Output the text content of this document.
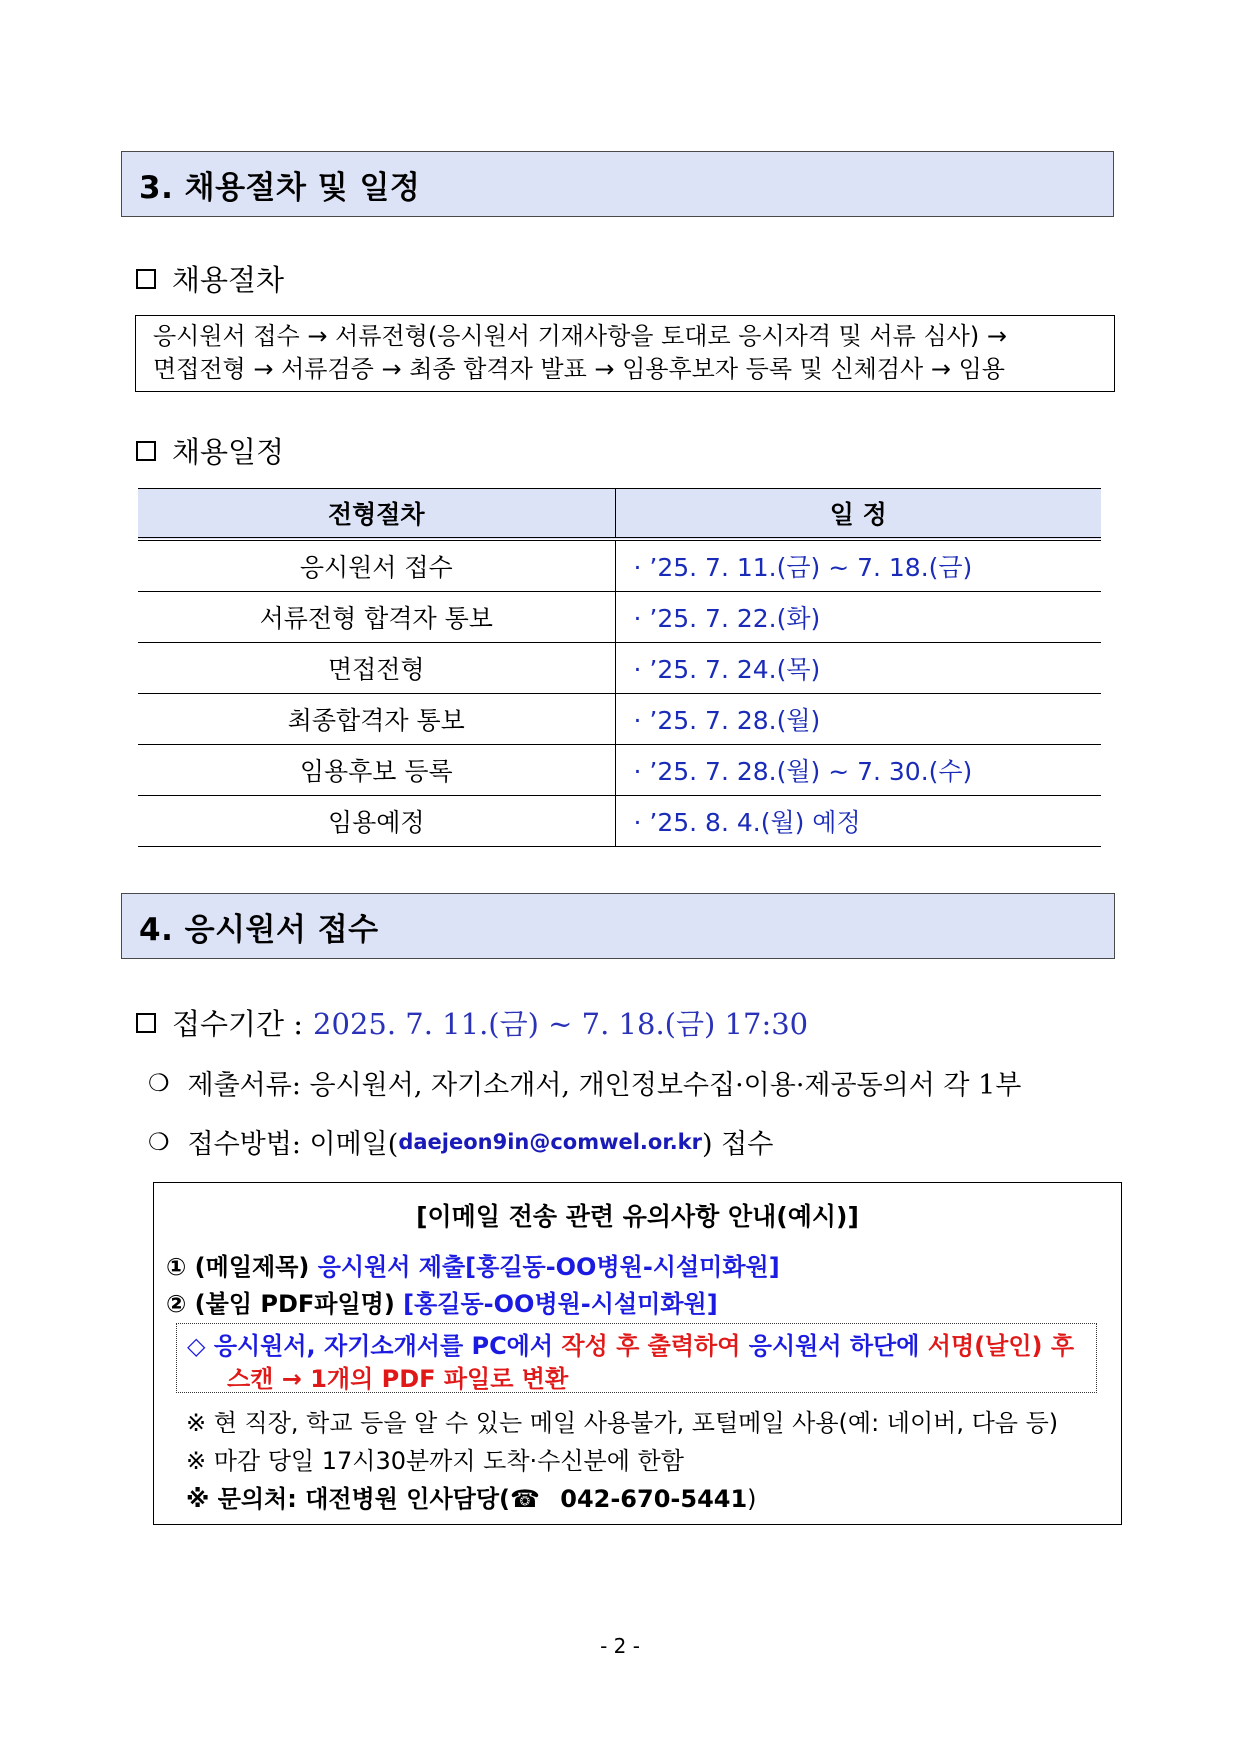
3. 채용절차 및 일정
채용절차
응시원서 접수 → 서류전형(응시원서 기재사항을 토대로 응시자격 및 서류 심사) →
면접전형 → 서류검증 → 최종 합격자 발표 → 임용후보자 등록 및 신체검사 → 임용
채용일정
전형절차	일 정
응시원서 접수	· ’25. 7. 11.(금) ~ 7. 18.(금)
서류전형 합격자 통보	· ’25. 7. 22.(화)
면접전형	· ’25. 7. 24.(목)
최종합격자 통보	· ’25. 7. 28.(월)
임용후보 등록	· ’25. 7. 28.(월) ~ 7. 30.(수)
임용예정	· ’25. 8. 4.(월) 예정
4. 응시원서 접수
접수기간 : 2025. 7. 11.(금) ~ 7. 18.(금) 17:30
❍ 제출서류: 응시원서, 자기소개서, 개인정보수집·이용·제공동의서 각 1부
❍ 접수방법: 이메일( daejeon9in@comwel.or.kr ) 접수
[이메일 전송 관련 유의사항 안내(예시)]
① (메일제목) 응시원서 제출[홍길동-OO병원-시설미화원]
② (붙임 PDF파일명) [홍길동-OO병원-시설미화원]
◇ 응시원서, 자기소개서를 PC에서 작성 후 출력하여 응시원서 하단에 서명(날인) 후
스캔 → 1개의 PDF 파일로 변환
※ 현 직장, 학교 등을 알 수 있는 메일 사용불가, 포털메일 사용(예: 네이버, 다음 등)
※ 마감 당일 17시30분까지 도착·수신분에 한함
※ 문의처: 대전병원 인사담당(☎ 042-670-5441)
- 2 -
